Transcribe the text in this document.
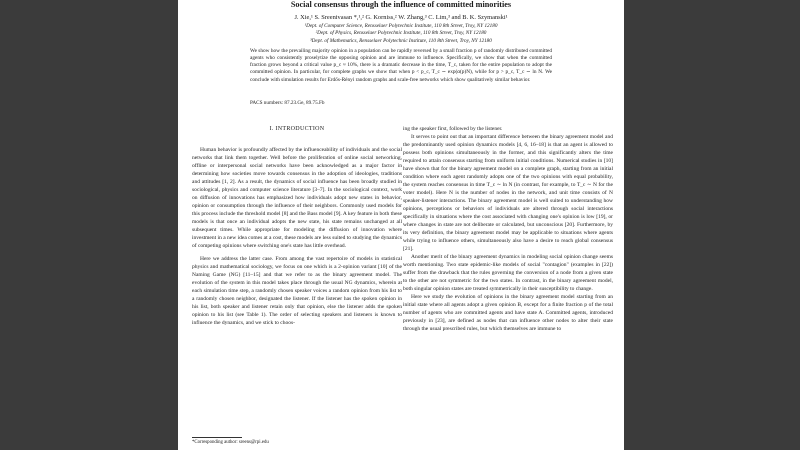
Social consensus through the influence of committed minorities
J. Xie,¹ S. Sreenivasan *,¹,² G. Korniss,² W. Zhang,³ C. Lim,³ and B. K. Szymanski¹
¹Dept. of Computer Science, Rensselaer Polytechnic Institute, 110 8th Street, Troy, NY 12180
²Dept. of Physics, Rensselaer Polytechnic Institute, 110 8th Street, Troy, NY 12180
³Dept. of Mathematics, Rensselaer Polytechnic Institute, 110 8th Street, Troy, NY 12180
We show how the prevailing majority opinion in a population can be rapidly reversed by a small fraction p of randomly distributed committed agents who consistently proselytize the opposing opinion and are immune to influence. Specifically, we show that when the committed fraction grows beyond a critical value p_c ≈ 10%, there is a dramatic decrease in the time, T_c, taken for the entire population to adopt the committed opinion. In particular, for complete graphs we show that when p < p_c, T_c ∼ exp(α(p)N), while for p > p_c, T_c ∼ ln N. We conclude with simulation results for Erdős-Rényi random graphs and scale-free networks which show qualitatively similar behavior.
PACS numbers: 87.23.Ge, 89.75.Fb
I. INTRODUCTION

Human behavior is profoundly affected by the influenceability of individuals and the social networks that link them together. Well before the proliferation of online social networking, offline or interpersonal social networks have been acknowledged as a major factor in determining how societies move towards consensus in the adoption of ideologies, traditions and attitudes [1, 2]. As a result, the dynamics of social influence has been broadly studied in sociological, physics and computer science literature [3–7]. In the sociological context, work on diffusion of innovations has emphasized how individuals adopt new states in behavior, opinion or consumption through the influence of their neighbors. Commonly used models for this process include the threshold model [8] and the Bass model [9]. A key feature in both these models is that once an individual adopts the new state, his state remains unchanged at all subsequent times. While appropriate for modeling the diffusion of innovation where investment in a new idea comes at a cost, these models are less suited to studying the dynamics of competing opinions where switching one's state has little overhead.

Here we address the latter case. From among the vast repertoire of models in statistical physics and mathematical sociology, we focus on one which is a 2-opinion variant [10] of the Naming Game (NG) [11–15] and that we refer to as the binary agreement model. The evolution of the system in this model takes place through the usual NG dynamics, wherein at each simulation time step, a randomly chosen speaker voices a random opinion from his list to a randomly chosen neighbor, designated the listener. If the listener has the spoken opinion in his list, both speaker and listener retain only that opinion, else the listener adds the spoken opinion to his list (see Table 1). The order of selecting speakers and listeners is known to influence the dynamics, and we stick to choos-

ing the speaker first, followed by the listener.

It serves to point out that an important difference between the binary agreement model and the predominantly used opinion dynamics models [4, 6, 16–18] is that an agent is allowed to possess both opinions simultaneously in the former, and this significantly alters the time required to attain consensus starting from uniform initial conditions. Numerical studies in [10] have shown that for the binary agreement model on a complete graph, starting from an initial condition where each agent randomly adopts one of the two opinions with equal probability, the system reaches consensus in time T_c ∼ ln N (in contrast, for example, to T_c ∼ N for the voter model). Here N is the number of nodes in the network, and unit time consists of N speaker-listener interactions. The binary agreement model is well suited to understanding how opinions, perceptions or behaviors of individuals are altered through social interactions specifically in situations where the cost associated with changing one's opinion is low [19], or where changes in state are not deliberate or calculated, but unconscious [20]. Furthermore, by its very definition, the binary agreement model may be applicable to situations where agents while trying to influence others, simultaneously also have a desire to reach global consensus [21].

Another merit of the binary agreement dynamics in modeling social opinion change seems worth mentioning. Two state epidemic-like models of social "contagion" (examples in [22]) suffer from the drawback that the rules governing the conversion of a node from a given state to the other are not symmetric for the two states. In contrast, in the binary agreement model, both singular opinion states are treated symmetrically in their susceptibility to change.

Here we study the evolution of opinions in the binary agreement model starting from an initial state where all agents adopt a given opinion B, except for a finite fraction p of the total number of agents who are committed agents and have state A. Committed agents, introduced previously in [23], are defined as nodes that can influence other nodes to alter their state through the usual prescribed rules, but which themselves are immune to

*Corresponding author: sreens@rpi.edu
